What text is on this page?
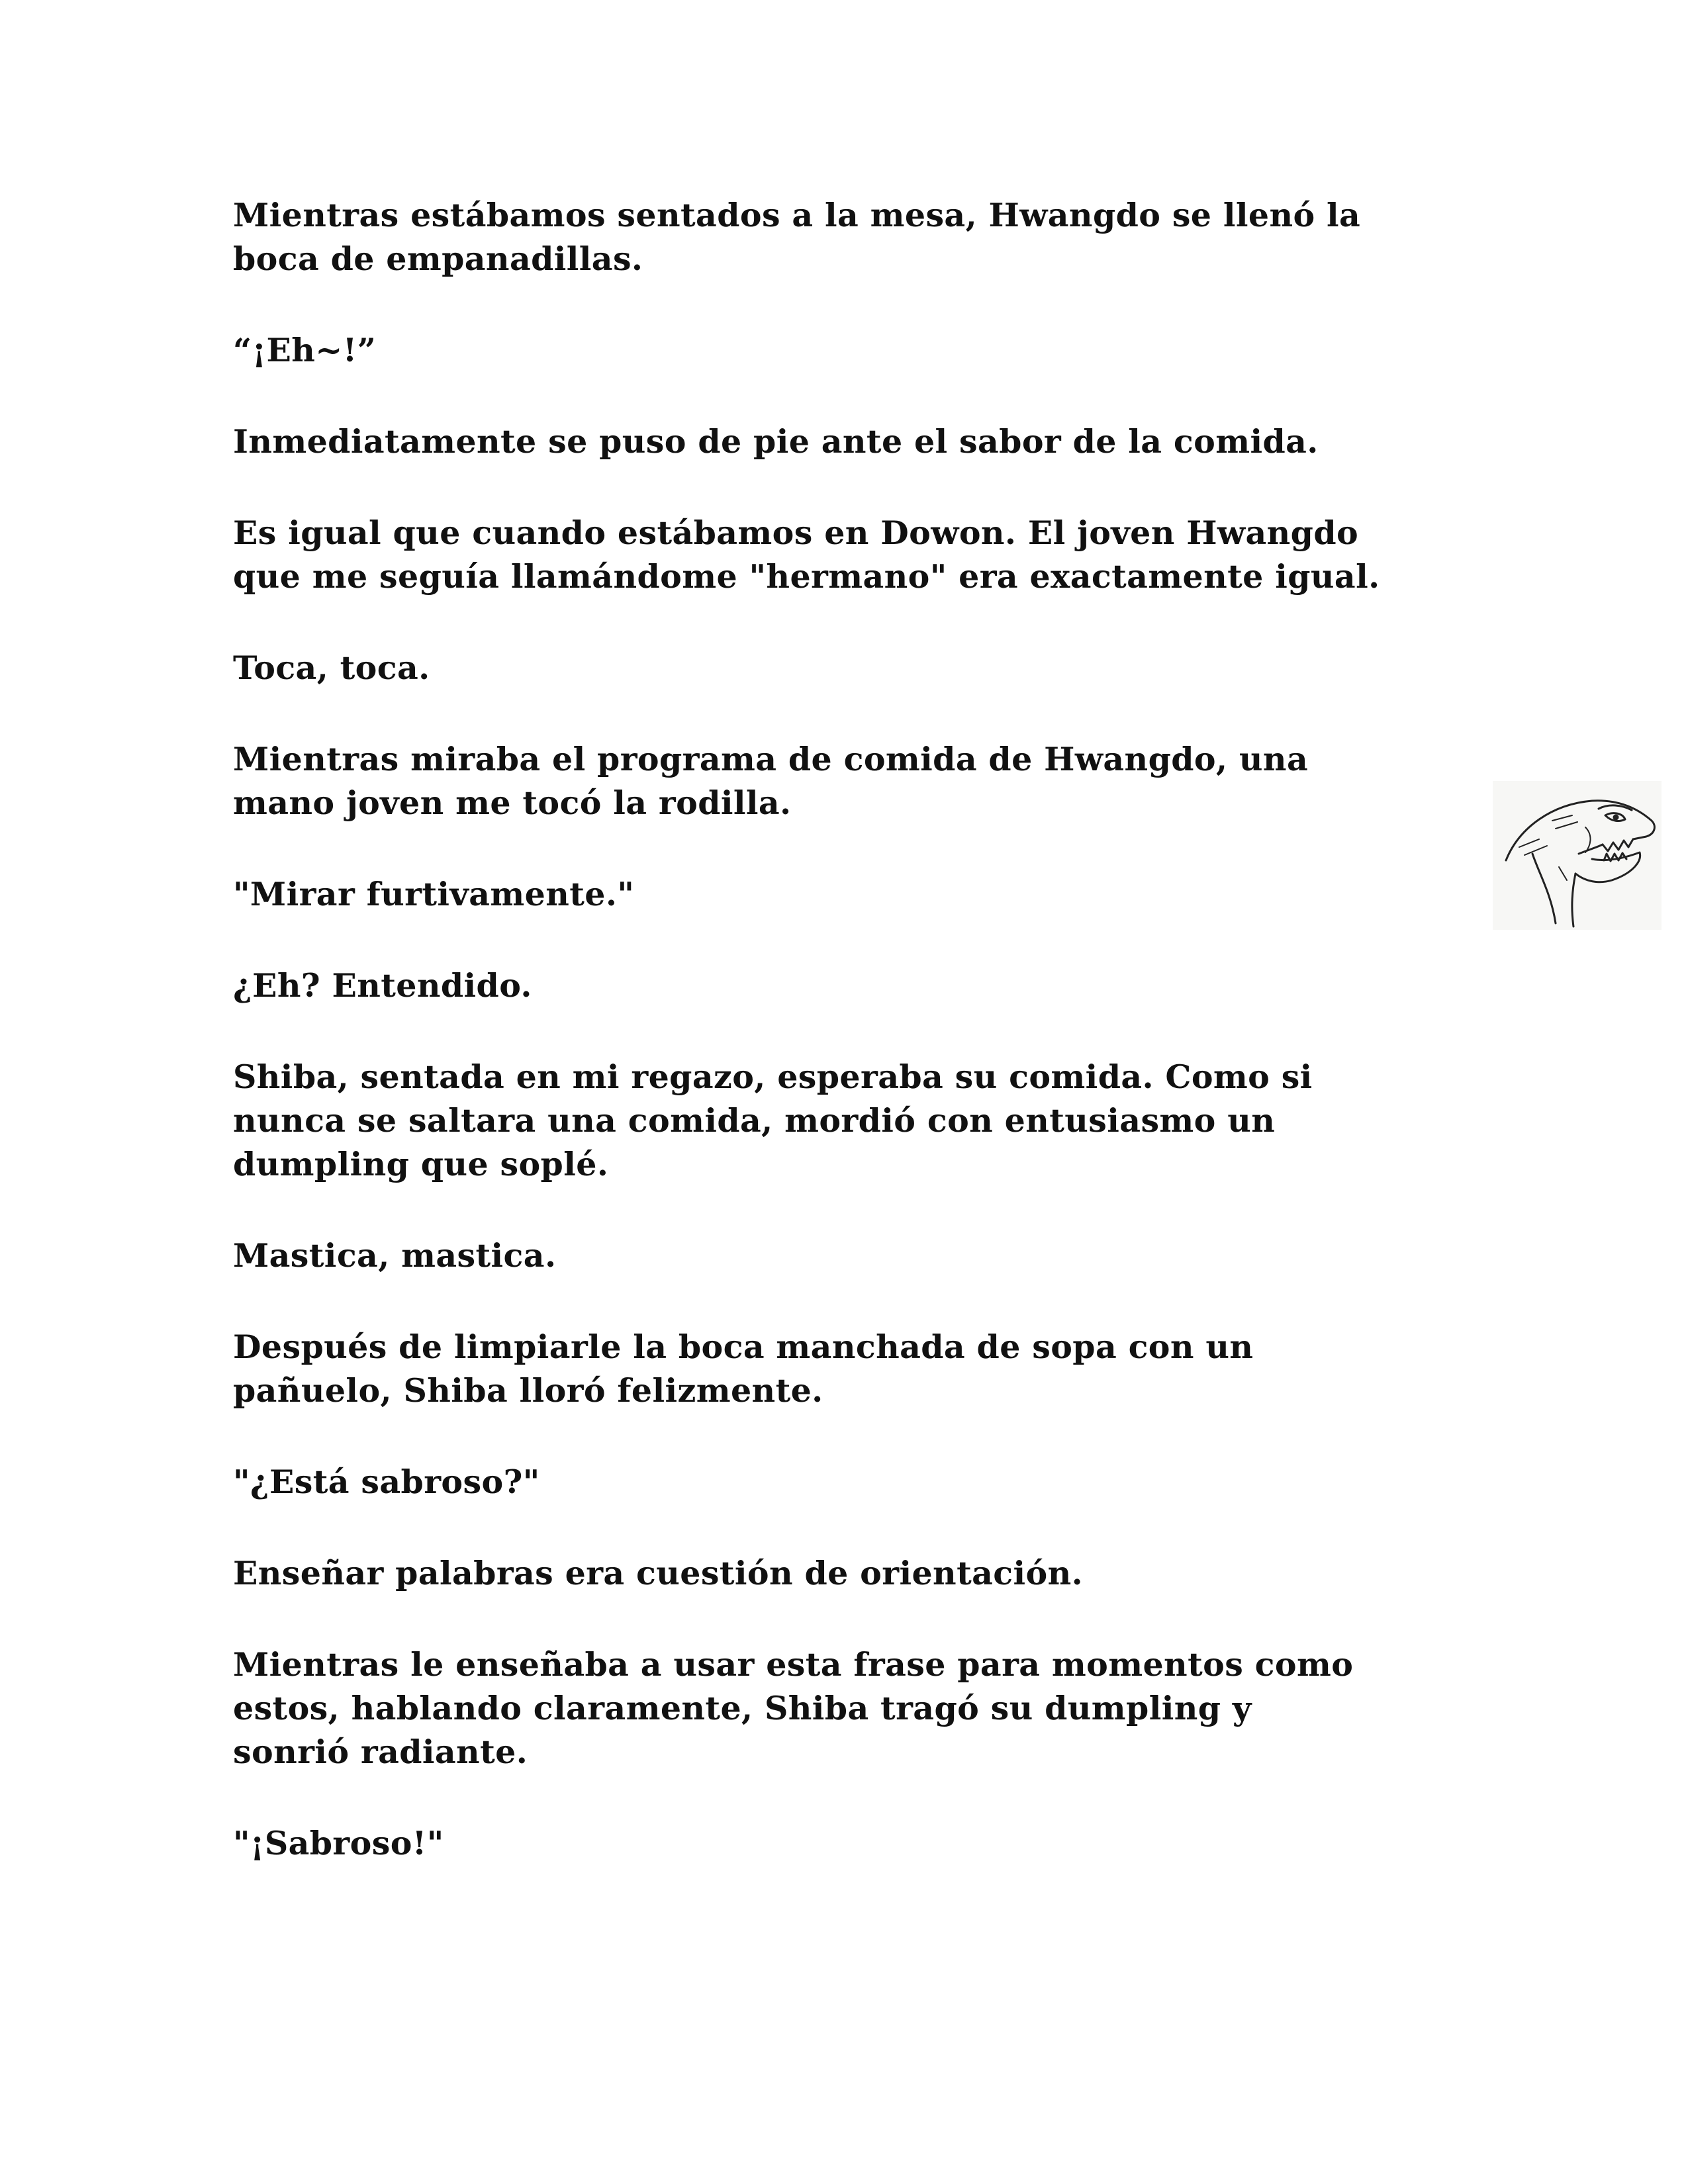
Mientras estábamos sentados a la mesa, Hwangdo se llenó la
boca de empanadillas.

“¡Eh~!”

Inmediatamente se puso de pie ante el sabor de la comida.

Es igual que cuando estábamos en Dowon. El joven Hwangdo
que me seguía llamándome "hermano" era exactamente igual.

Toca, toca.

Mientras miraba el programa de comida de Hwangdo, una
mano joven me tocó la rodilla.

"Mirar furtivamente."

¿Eh? Entendido.

Shiba, sentada en mi regazo, esperaba su comida. Como si
nunca se saltara una comida, mordió con entusiasmo un
dumpling que soplé.

Mastica, mastica.

Después de limpiarle la boca manchada de sopa con un
pañuelo, Shiba lloró felizmente.

"¿Está sabroso?"

Enseñar palabras era cuestión de orientación.

Mientras le enseñaba a usar esta frase para momentos como
estos, hablando claramente, Shiba tragó su dumpling y
sonrió radiante.

"¡Sabroso!"
